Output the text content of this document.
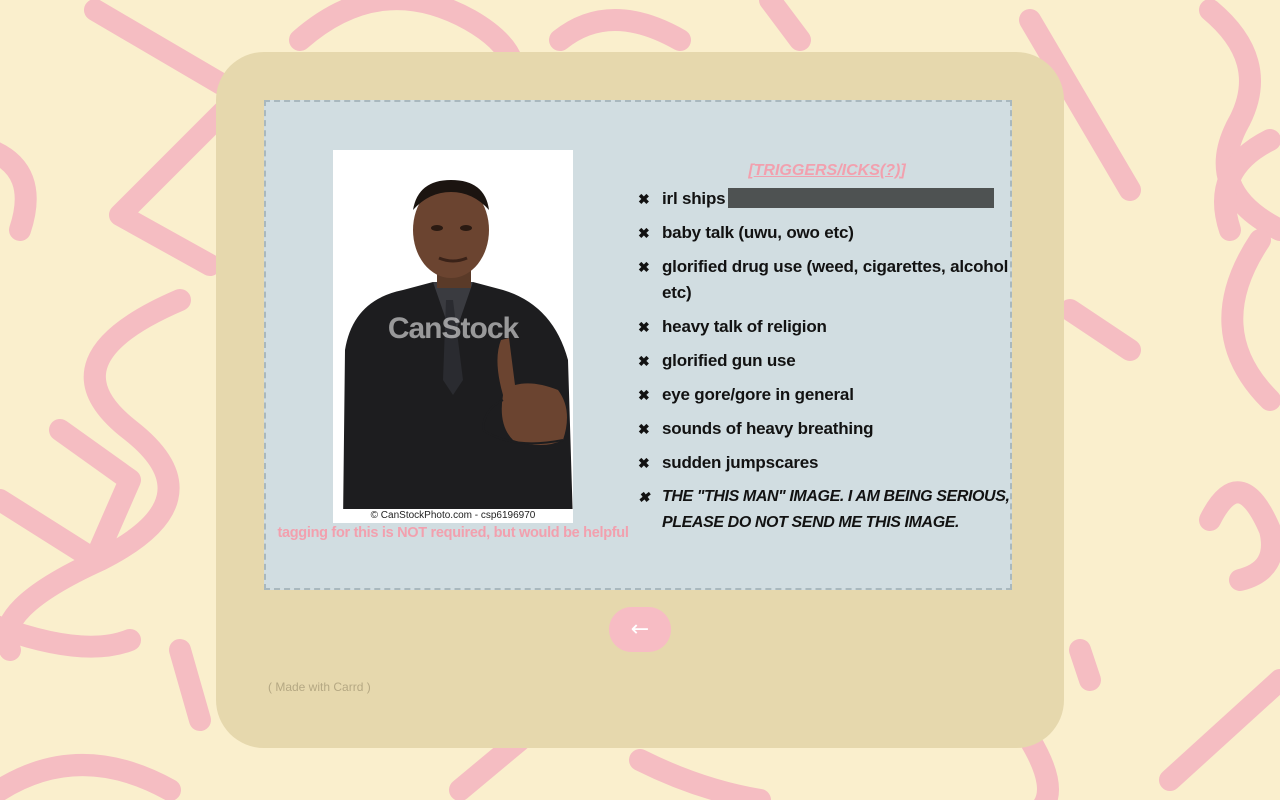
CanStock
© CanStockPhoto.com - csp6196970
tagging for this is NOT required, but would be helpful
[TRIGGERS/ICKS(?)]
✖ irl ships
✖ baby talk (uwu, owo etc)
✖ glorified drug use (weed, cigarettes, alcohol etc)
✖ heavy talk of religion
✖ glorified gun use
✖ eye gore/gore in general
✖ sounds of heavy breathing
✖ sudden jumpscares
✖ THE "THIS MAN" IMAGE. I AM BEING SERIOUS, PLEASE DO NOT SEND ME THIS IMAGE.
←
( Made with Carrd )
